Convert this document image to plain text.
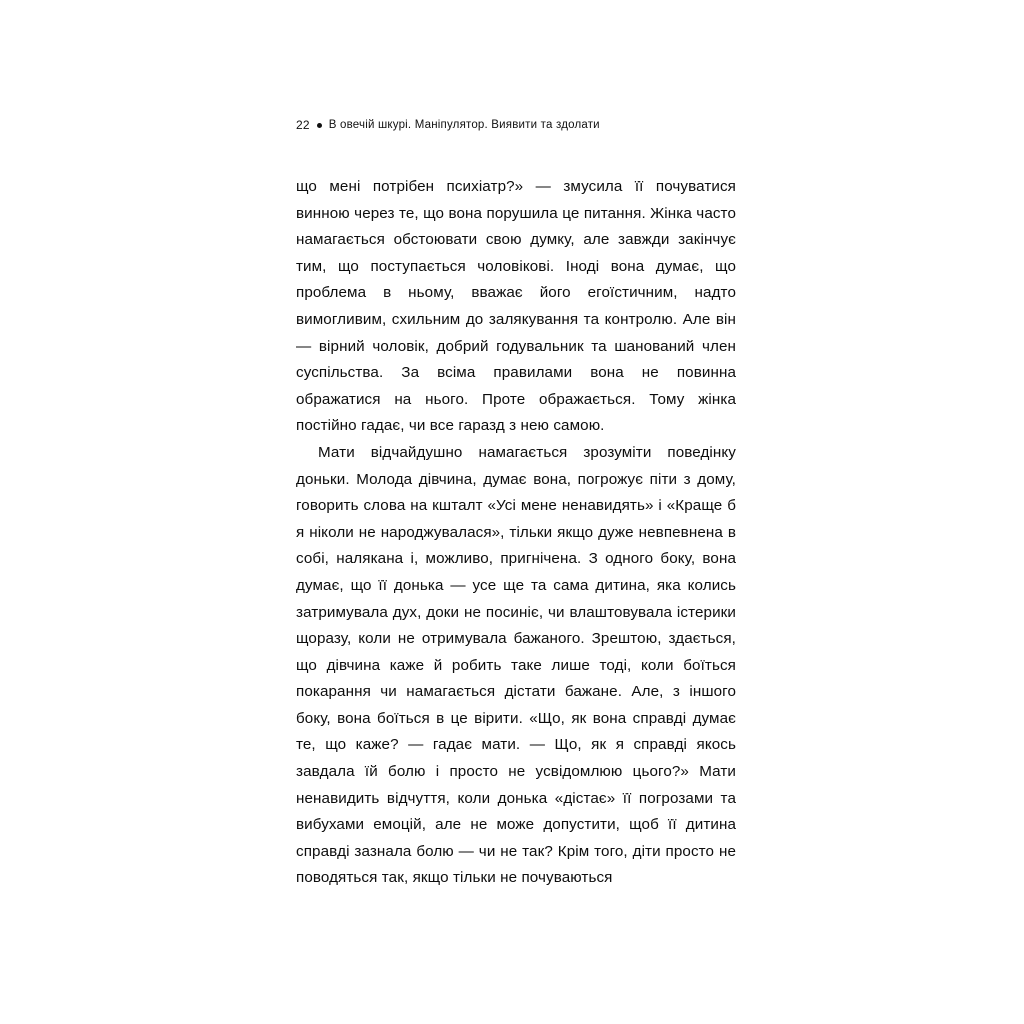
22 В овечій шкурі. Маніпулятор. Виявити та здолати

що мені потрібен психіатр?» — змусила її почуватися винною через те, що вона порушила це питання. Жінка часто намагається обстоювати свою думку, але завжди закінчує тим, що поступається чоловікові. Іноді вона думає, що проблема в ньому, вважає його егоїстичним, надто вимогливим, схильним до залякування та контролю. Але він — вірний чоловік, добрий годувальник та шанований член суспільства. За всіма правилами вона не повинна ображатися на нього. Проте ображається. Тому жінка постійно гадає, чи все гаразд з нею самою.

Мати відчайдушно намагається зрозуміти поведінку доньки. Молода дівчина, думає вона, погрожує піти з дому, говорить слова на кшталт «Усі мене ненавидять» і «Краще б я ніколи не народжувалася», тільки якщо дуже невпевнена в собі, налякана і, можливо, пригнічена. З одного боку, вона думає, що її донька — усе ще та сама дитина, яка колись затримувала дух, доки не посиніє, чи влаштовувала істерики щоразу, коли не отримувала бажаного. Зрештою, здається, що дівчина каже й робить таке лише тоді, коли боїться покарання чи намагається дістати бажане. Але, з іншого боку, вона боїться в це вірити. «Що, як вона справді думає те, що каже? — гадає мати. — Що, як я справді якось завдала їй болю і просто не усвідомлюю цього?» Мати ненавидить відчуття, коли донька «дістає» її погрозами та вибухами емоцій, але не може допустити, щоб її дитина справді зазнала болю — чи не так? Крім того, діти просто не поводяться так, якщо тільки не почуваються
